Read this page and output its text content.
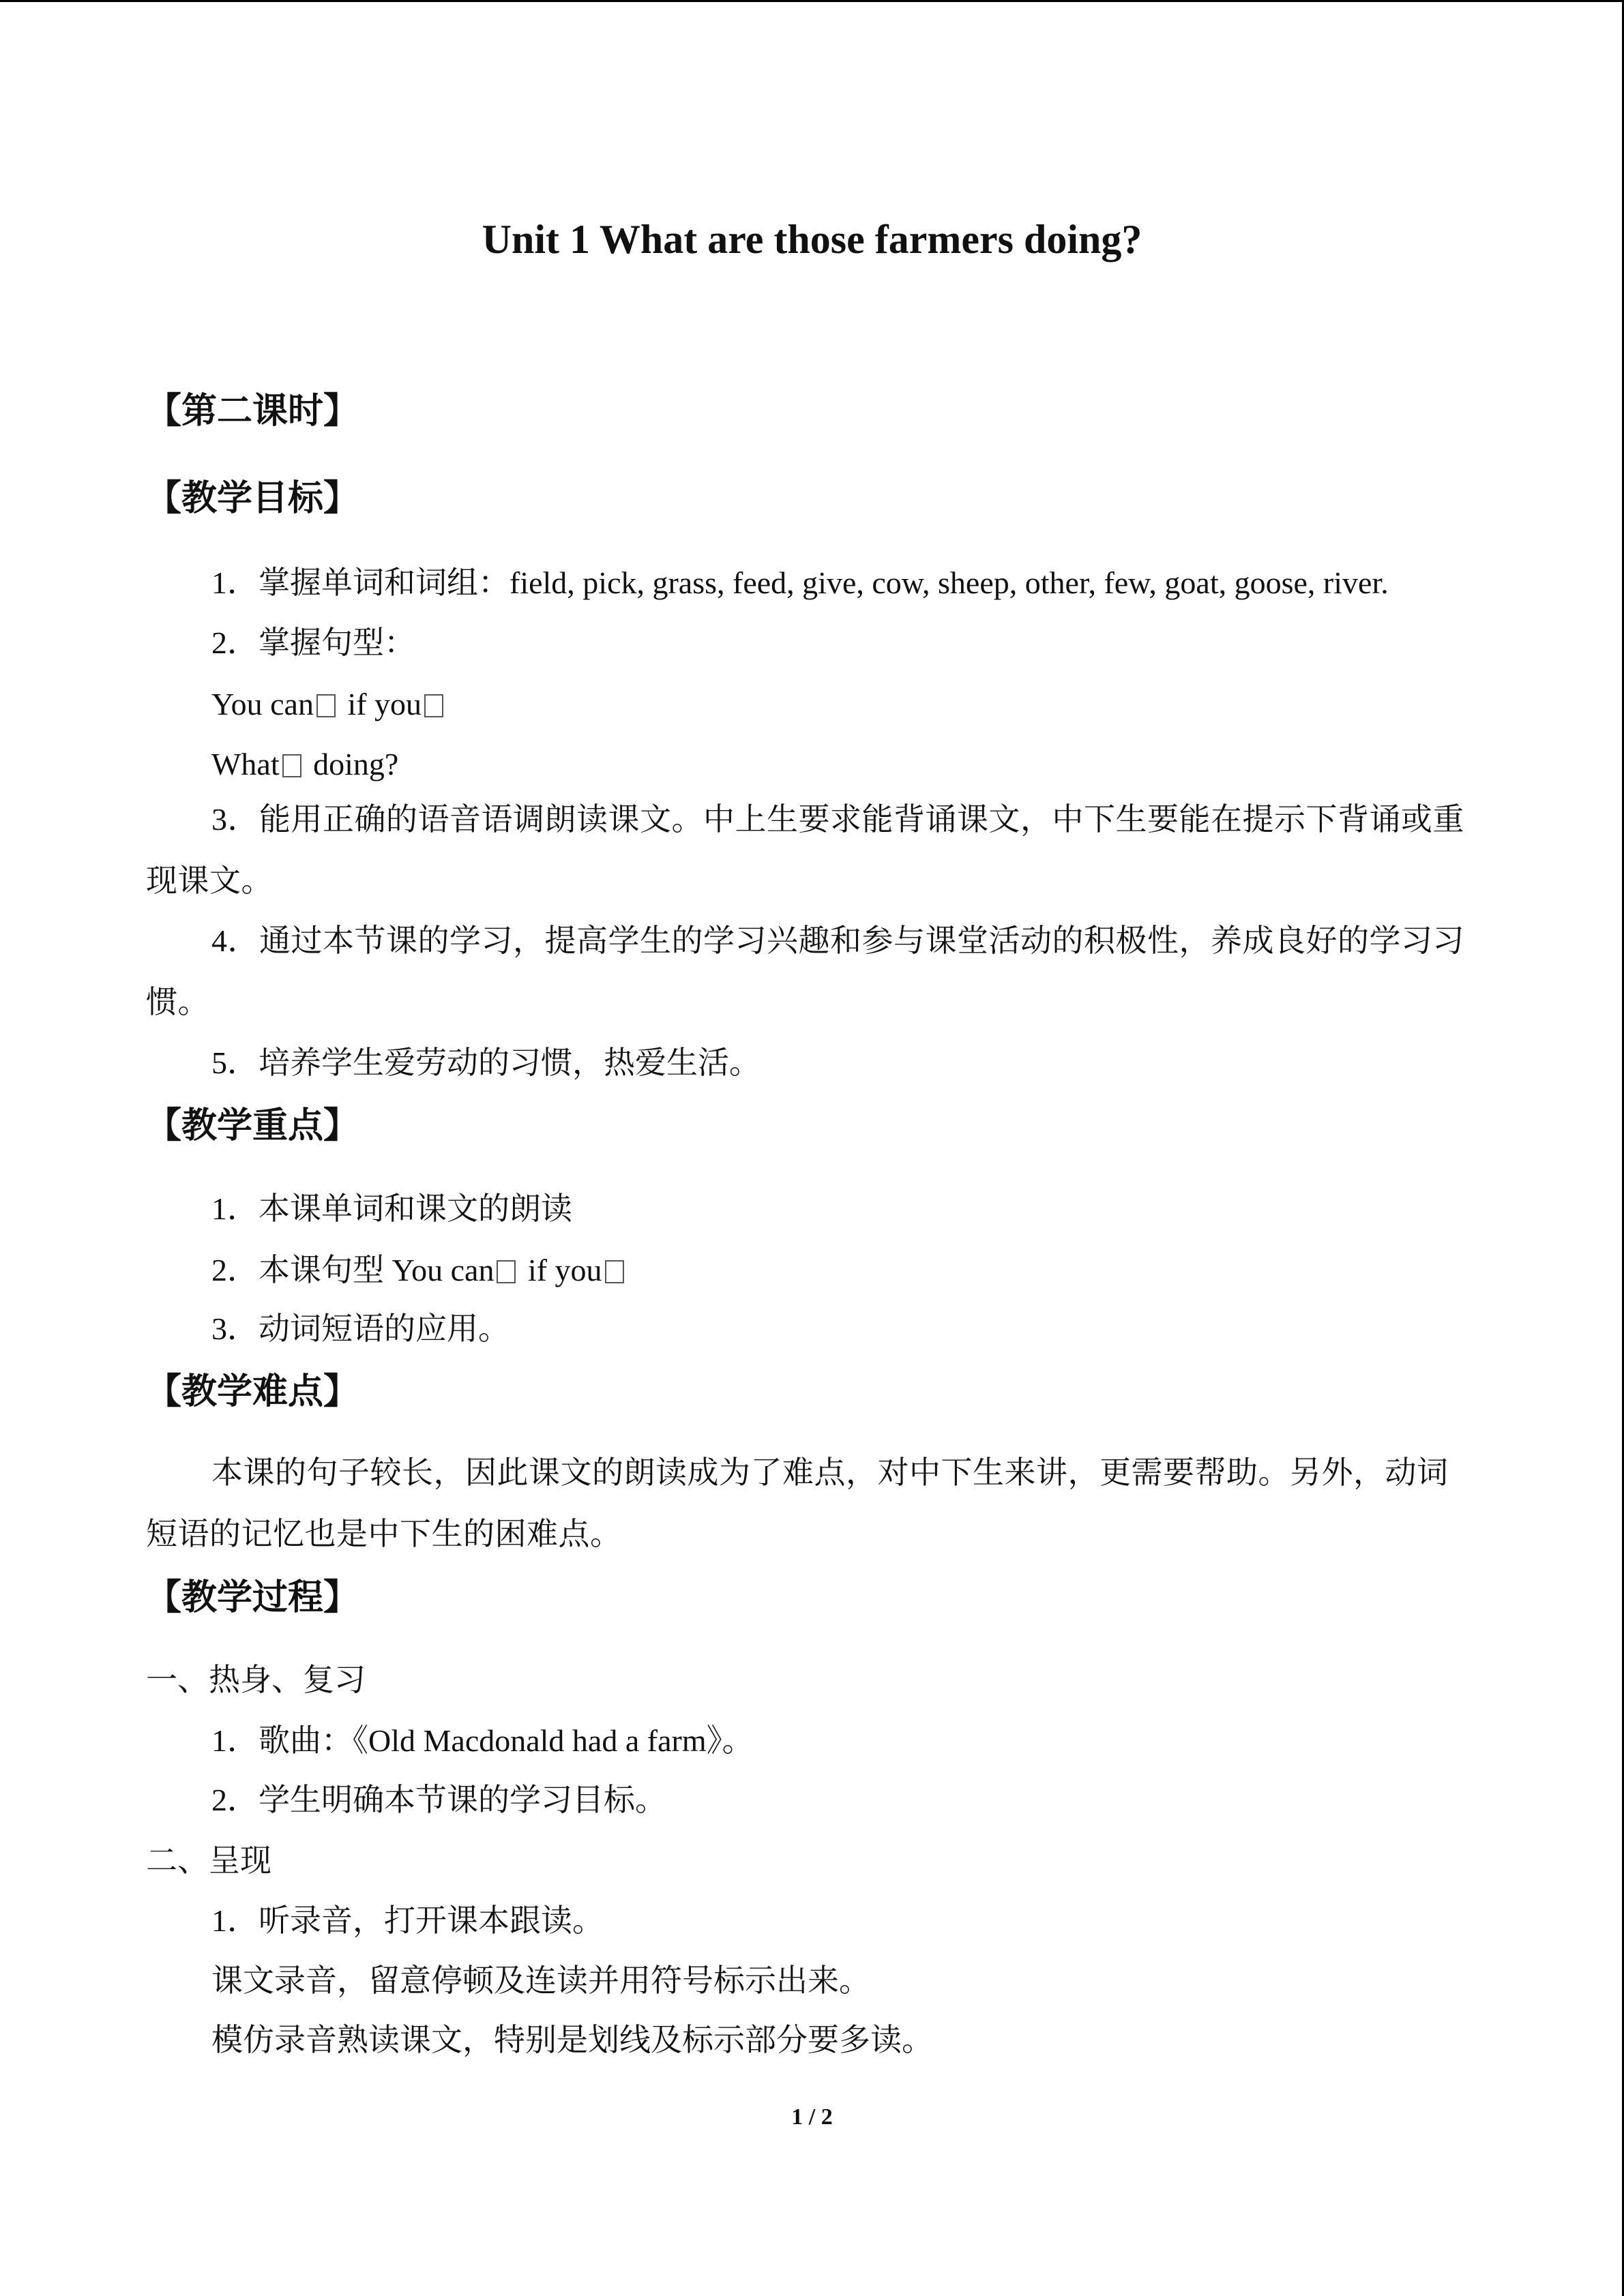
Unit 1 What are those farmers doing?
【第二课时】
【教学目标】
1．掌握单词和词组：field, pick, grass, feed, give, cow, sheep, other, few, goat, goose, river.
2．掌握句型：
You can if you
What doing?
3．能用正确的语音语调朗读课文。中上生要求能背诵课文，中下生要能在提示下背诵或重现课文。
4．通过本节课的学习，提高学生的学习兴趣和参与课堂活动的积极性，养成良好的学习习惯。
5．培养学生爱劳动的习惯，热爱生活。
【教学重点】
1．本课单词和课文的朗读
2．本课句型 You can if you
3．动词短语的应用。
【教学难点】
本课的句子较长，因此课文的朗读成为了难点，对中下生来讲，更需要帮助。另外，动词短语的记忆也是中下生的困难点。
【教学过程】
一、热身、复习
1．歌曲：《Old Macdonald had a farm》。
2．学生明确本节课的学习目标。
二、呈现
1．听录音，打开课本跟读。
课文录音，留意停顿及连读并用符号标示出来。
模仿录音熟读课文，特别是划线及标示部分要多读。
1 / 2
